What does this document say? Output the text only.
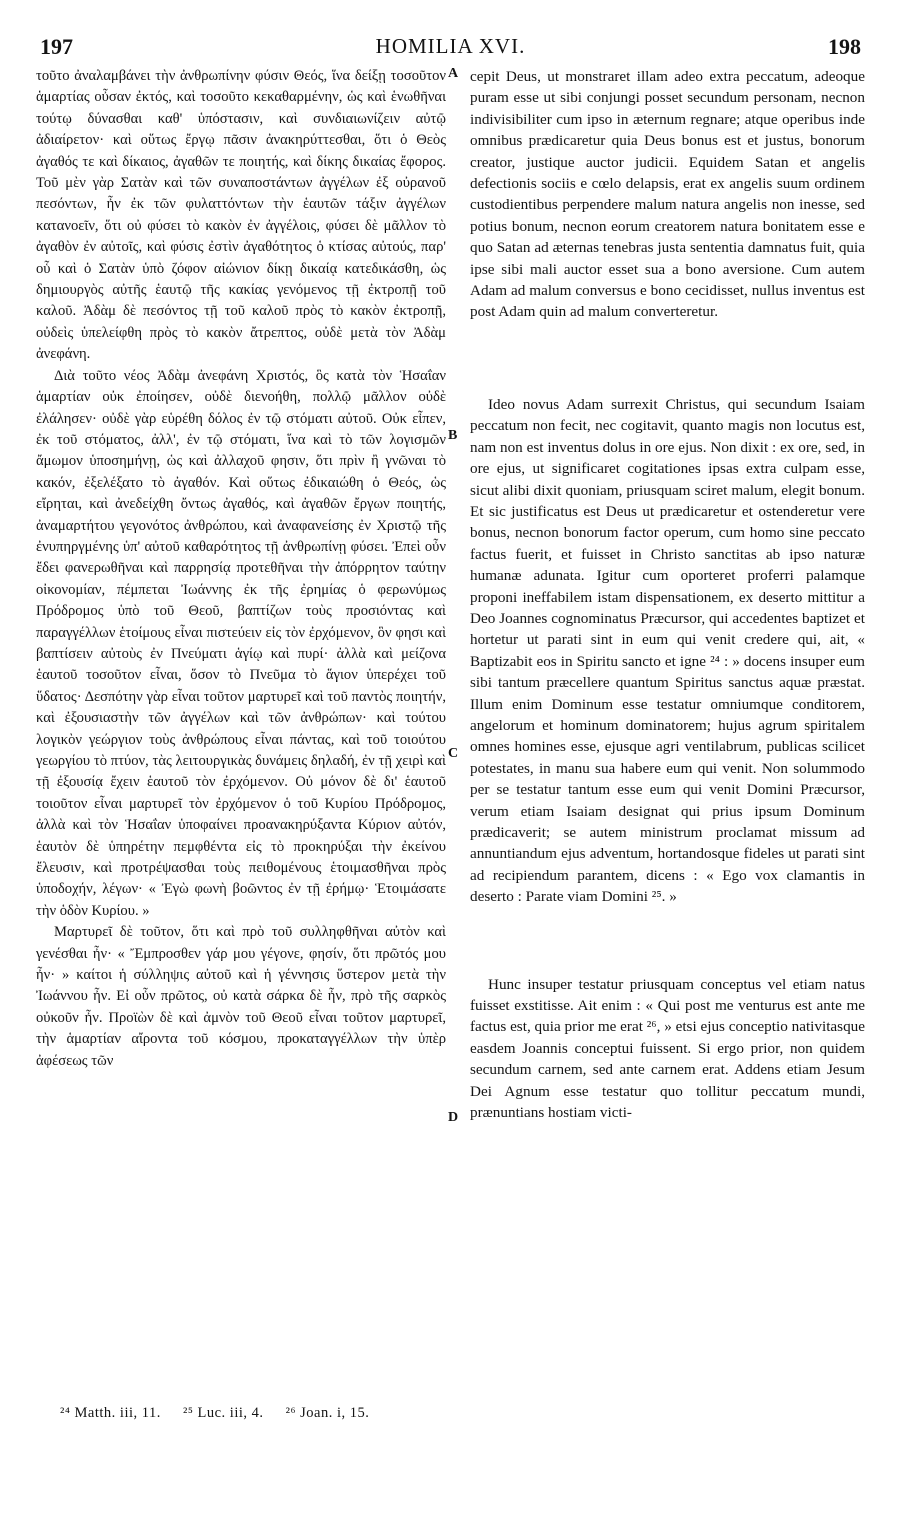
197	HOMILIA XVI.	198

τοῦτο ἀναλαμβάνει τὴν ἀνθρωπίνην φύσιν Θεός, ἵνα δείξῃ τοσοῦτον ἁμαρτίας οὖσαν ἐκτός, καὶ τοσοῦτο κεκαθαρμένην, ὡς καὶ ἑνωθῆναι τούτῳ δύνασθαι καθ' ὑπόστασιν, καὶ συνδιαιωνίζειν αὐτῷ ἀδιαίρετον· καὶ οὕτως ἔργῳ πᾶσιν ἀνακηρύττεσθαι, ὅτι ὁ Θεὸς ἀγαθός τε καὶ δίκαιος, ἀγαθῶν τε ποιητής, καὶ δίκης δικαίας ἔφορος. Τοῦ μὲν γὰρ Σατὰν καὶ τῶν συναποστάντων ἀγγέλων ἐξ οὐρανοῦ πεσόντων, ἦν ἐκ τῶν φυλαττόντων τὴν ἑαυτῶν τάξιν ἀγγέλων κατανοεῖν, ὅτι οὐ φύσει τὸ κακὸν ἐν ἀγγέλοις, φύσει δὲ μᾶλλον τὸ ἀγαθὸν ἐν αὐτοῖς, καὶ φύσις ἐστὶν ἀγαθότητος ὁ κτίσας αὐτούς, παρ' οὗ καὶ ὁ Σατὰν ὑπὸ ζόφον αἰώνιον δίκῃ δικαίᾳ κατεδικάσθη, ὡς δημιουργὸς αὐτῆς ἑαυτῷ τῆς κακίας γενόμενος τῇ ἐκτροπῇ τοῦ καλοῦ. Ἀδὰμ δὲ πεσόντος τῇ τοῦ καλοῦ πρὸς τὸ κακὸν ἐκτροπῇ, οὐδεὶς ὑπελείφθη πρὸς τὸ κακὸν ἄτρεπτος, οὐδὲ μετὰ τὸν Ἀδὰμ ἀνεφάνη.

Διὰ τοῦτο νέος Ἀδὰμ ἀνεφάνη Χριστός, ὃς κατὰ τὸν Ἡσαΐαν ἁμαρτίαν οὐκ ἐποίησεν, οὐδὲ διενοήθη, πολλῷ μᾶλλον οὐδὲ ἐλάλησεν· οὐδὲ γὰρ εὑρέθη δόλος ἐν τῷ στόματι αὐτοῦ. Οὐκ εἶπεν, ἐκ τοῦ στόματος, ἀλλ', ἐν τῷ στόματι, ἵνα καὶ τὸ τῶν λογισμῶν ἄμωμον ὑποσημήνῃ, ὡς καὶ ἀλλαχοῦ φησιν, ὅτι πρὶν ἢ γνῶναι τὸ κακόν, ἐξελέξατο τὸ ἀγαθόν. Καὶ οὕτως ἐδικαιώθη ὁ Θεός, ὡς εἴρηται, καὶ ἀνεδείχθη ὄντως ἀγαθός, καὶ ἀγαθῶν ἔργων ποιητής, ἀναμαρτήτου γεγονότος ἀνθρώπου, καὶ ἀναφανείσης ἐν Χριστῷ τῆς ἐνυπηργμένης ὑπ' αὐτοῦ καθαρότητος τῇ ἀνθρωπίνῃ φύσει. Ἐπεὶ οὖν ἔδει φανερωθῆναι καὶ παρρησίᾳ προτεθῆναι τὴν ἀπόρρητον ταύτην οἰκονομίαν, πέμπεται Ἰωάννης ἐκ τῆς ἐρημίας ὁ φερωνύμως Πρόδρομος ὑπὸ τοῦ Θεοῦ, βαπτίζων τοὺς προσιόντας καὶ παραγγέλλων ἑτοίμους εἶναι πιστεύειν εἰς τὸν ἐρχόμενον, ὃν φησι καὶ βαπτίσειν αὐτοὺς ἐν Πνεύματι ἁγίῳ καὶ πυρί· ἀλλὰ καὶ μείζονα ἑαυτοῦ τοσοῦτον εἶναι, ὅσον τὸ Πνεῦμα τὸ ἅγιον ὑπερέχει τοῦ ὕδατος· Δεσπότην γὰρ εἶναι τοῦτον μαρτυρεῖ καὶ τοῦ παντὸς ποιητήν, καὶ ἐξουσιαστὴν τῶν ἀγγέλων καὶ τῶν ἀνθρώπων· καὶ τούτου λογικὸν γεώργιον τοὺς ἀνθρώπους εἶναι πάντας, καὶ τοῦ τοιούτου γεωργίου τὸ πτύον, τὰς λειτουργικὰς δυνάμεις δηλαδή, ἐν τῇ χειρὶ καὶ τῇ ἐξουσίᾳ ἔχειν ἑαυτοῦ τὸν ἐρχόμενον. Οὐ μόνον δὲ δι' ἑαυτοῦ τοιοῦτον εἶναι μαρτυρεῖ τὸν ἐρχόμενον ὁ τοῦ Κυρίου Πρόδρομος, ἀλλὰ καὶ τὸν Ἡσαΐαν ὑποφαίνει προανακηρύξαντα Κύριον αὐτόν, ἑαυτὸν δὲ ὑπηρέτην πεμφθέντα εἰς τὸ προκηρύξαι τὴν ἐκείνου ἔλευσιν, καὶ προτρέψασθαι τοὺς πειθομένους ἑτοιμασθῆναι πρὸς ὑποδοχήν, λέγων· « Ἐγὼ φωνὴ βοῶντος ἐν τῇ ἐρήμῳ· Ἑτοιμάσατε τὴν ὁδὸν Κυρίου. »

Μαρτυρεῖ δὲ τοῦτον, ὅτι καὶ πρὸ τοῦ συλληφθῆναι αὐτὸν καὶ γενέσθαι ἦν· « Ἔμπροσθεν γάρ μου γέγονε, φησίν, ὅτι πρῶτός μου ἦν· » καίτοι ἡ σύλληψις αὐτοῦ καὶ ἡ γέννησις ὕστερον μετὰ τὴν Ἰωάννου ἦν. Εἰ οὖν πρῶτος, οὐ κατὰ σάρκα δὲ ἦν, πρὸ τῆς σαρκὸς οὐκοῦν ἦν. Προϊὼν δὲ καὶ ἀμνὸν τοῦ Θεοῦ εἶναι τοῦτον μαρτυρεῖ, τὴν ἁμαρτίαν αἴροντα τοῦ κόσμου, προκαταγγέλλων τὴν ὑπὲρ ἀφέσεως τῶν

A
B
C
D

cepit Deus, ut monstraret illam adeo extra peccatum, adeoque puram esse ut sibi conjungi posset secundum personam, necnon indivisibiliter cum ipso in æternum regnare; atque operibus inde omnibus prædicaretur quia Deus bonus est et justus, bonorum creator, justique auctor judicii. Equidem Satan et angelis defectionis sociis e cœlo delapsis, erat ex angelis suum ordinem custodientibus perpendere malum natura angelis non inesse, sed potius bonum, necnon eorum creatorem natura bonitatem esse e quo Satan ad æternas tenebras justa sententia damnatus fuit, quia ipse sibi mali auctor esset sua a bono aversione. Cum autem Adam ad malum conversus e bono cecidisset, nullus inventus est post Adam quin ad malum converteretur.

Ideo novus Adam surrexit Christus, qui secundum Isaiam peccatum non fecit, nec cogitavit, quanto magis non locutus est, nam non est inventus dolus in ore ejus. Non dixit : ex ore, sed, in ore ejus, ut significaret cogitationes ipsas extra culpam esse, sicut alibi dixit quoniam, priusquam sciret malum, elegit bonum. Et sic justificatus est Deus ut prædicaretur et ostenderetur vere bonus, necnon bonorum factor operum, cum homo sine peccato factus fuerit, et fuisset in Christo sanctitas ab ipso naturæ humanæ adunata. Igitur cum oporteret proferri palamque proponi ineffabilem istam dispensationem, ex deserto mittitur a Deo Joannes cognominatus Præcursor, qui accedentes baptizet et hortetur ut parati sint in eum qui venit credere qui, ait, « Baptizabit eos in Spiritu sancto et igne ²⁴ : » docens insuper eum sibi tantum præcellere quantum Spiritus sanctus aquæ præstat. Illum enim Dominum esse testatur omniumque conditorem, angelorum et hominum dominatorem; hujus agrum spiritalem omnes homines esse, ejusque agri ventilabrum, publicas scilicet potestates, in manu sua habere eum qui venit. Non solummodo per se testatur tantum esse eum qui venit Domini Præcursor, verum etiam Isaiam designat qui prius ipsum Dominum prædicaverit; se autem ministrum proclamat missum ad annuntiandum ejus adventum, hortandosque fideles ut parati sint ad recipiendum parantem, dicens : « Ego vox clamantis in deserto : Parate viam Domini ²⁵. »

Hunc insuper testatur priusquam conceptus vel etiam natus fuisset exstitisse. Ait enim : « Qui post me venturus est ante me factus est, quia prior me erat ²⁶, » etsi ejus conceptio nativitasque easdem Joannis conceptui fuissent. Si ergo prior, non quidem secundum carnem, sed ante carnem erat. Addens etiam Jesum Dei Agnum esse testatur quo tollitur peccatum mundi, prænuntians hostiam victi-

²⁴ Matth. iii, 11. ²⁵ Luc. iii, 4. ²⁶ Joan. i, 15.
